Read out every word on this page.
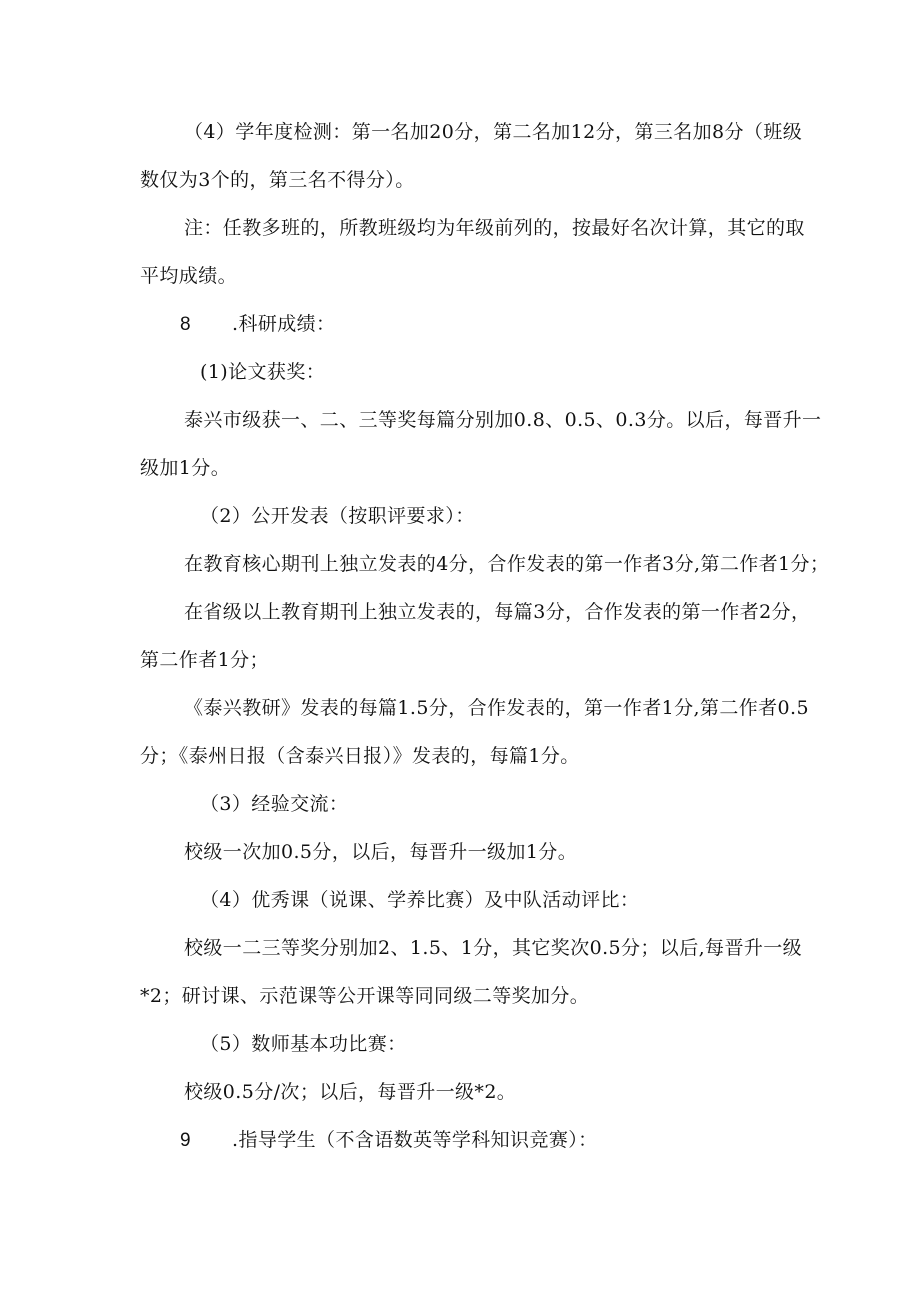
（4）学年度检测：第一名加20分，第二名加12分，第三名加8分（班级
数仅为3个的，第三名不得分）。
注：任教多班的，所教班级均为年级前列的，按最好名次计算，其它的取
平均成绩。
8 .科研成绩：
(1)论文获奖：
泰兴市级获一、二、三等奖每篇分别加0.8、0.5、0.3分。以后，每晋升一
级加1分。
（2）公开发表（按职评要求）：
在教育核心期刊上独立发表的4分，合作发表的第一作者3分,第二作者1分；
在省级以上教育期刊上独立发表的，每篇3分，合作发表的第一作者2分，
第二作者1分；
《泰兴教研》发表的每篇1.5分，合作发表的，第一作者1分,第二作者0.5
分；《泰州日报（含泰兴日报）》发表的，每篇1分。
（3）经验交流：
校级一次加0.5分，以后，每晋升一级加1分。
（4）优秀课（说课、学养比赛）及中队活动评比：
校级一二三等奖分别加2、1.5、1分，其它奖次0.5分；以后,每晋升一级
*2；研讨课、示范课等公开课等同同级二等奖加分。
（5）数师基本功比赛：
校级0.5分/次；以后，每晋升一级*2。
9 .指导学生（不含语数英等学科知识竞赛）：
